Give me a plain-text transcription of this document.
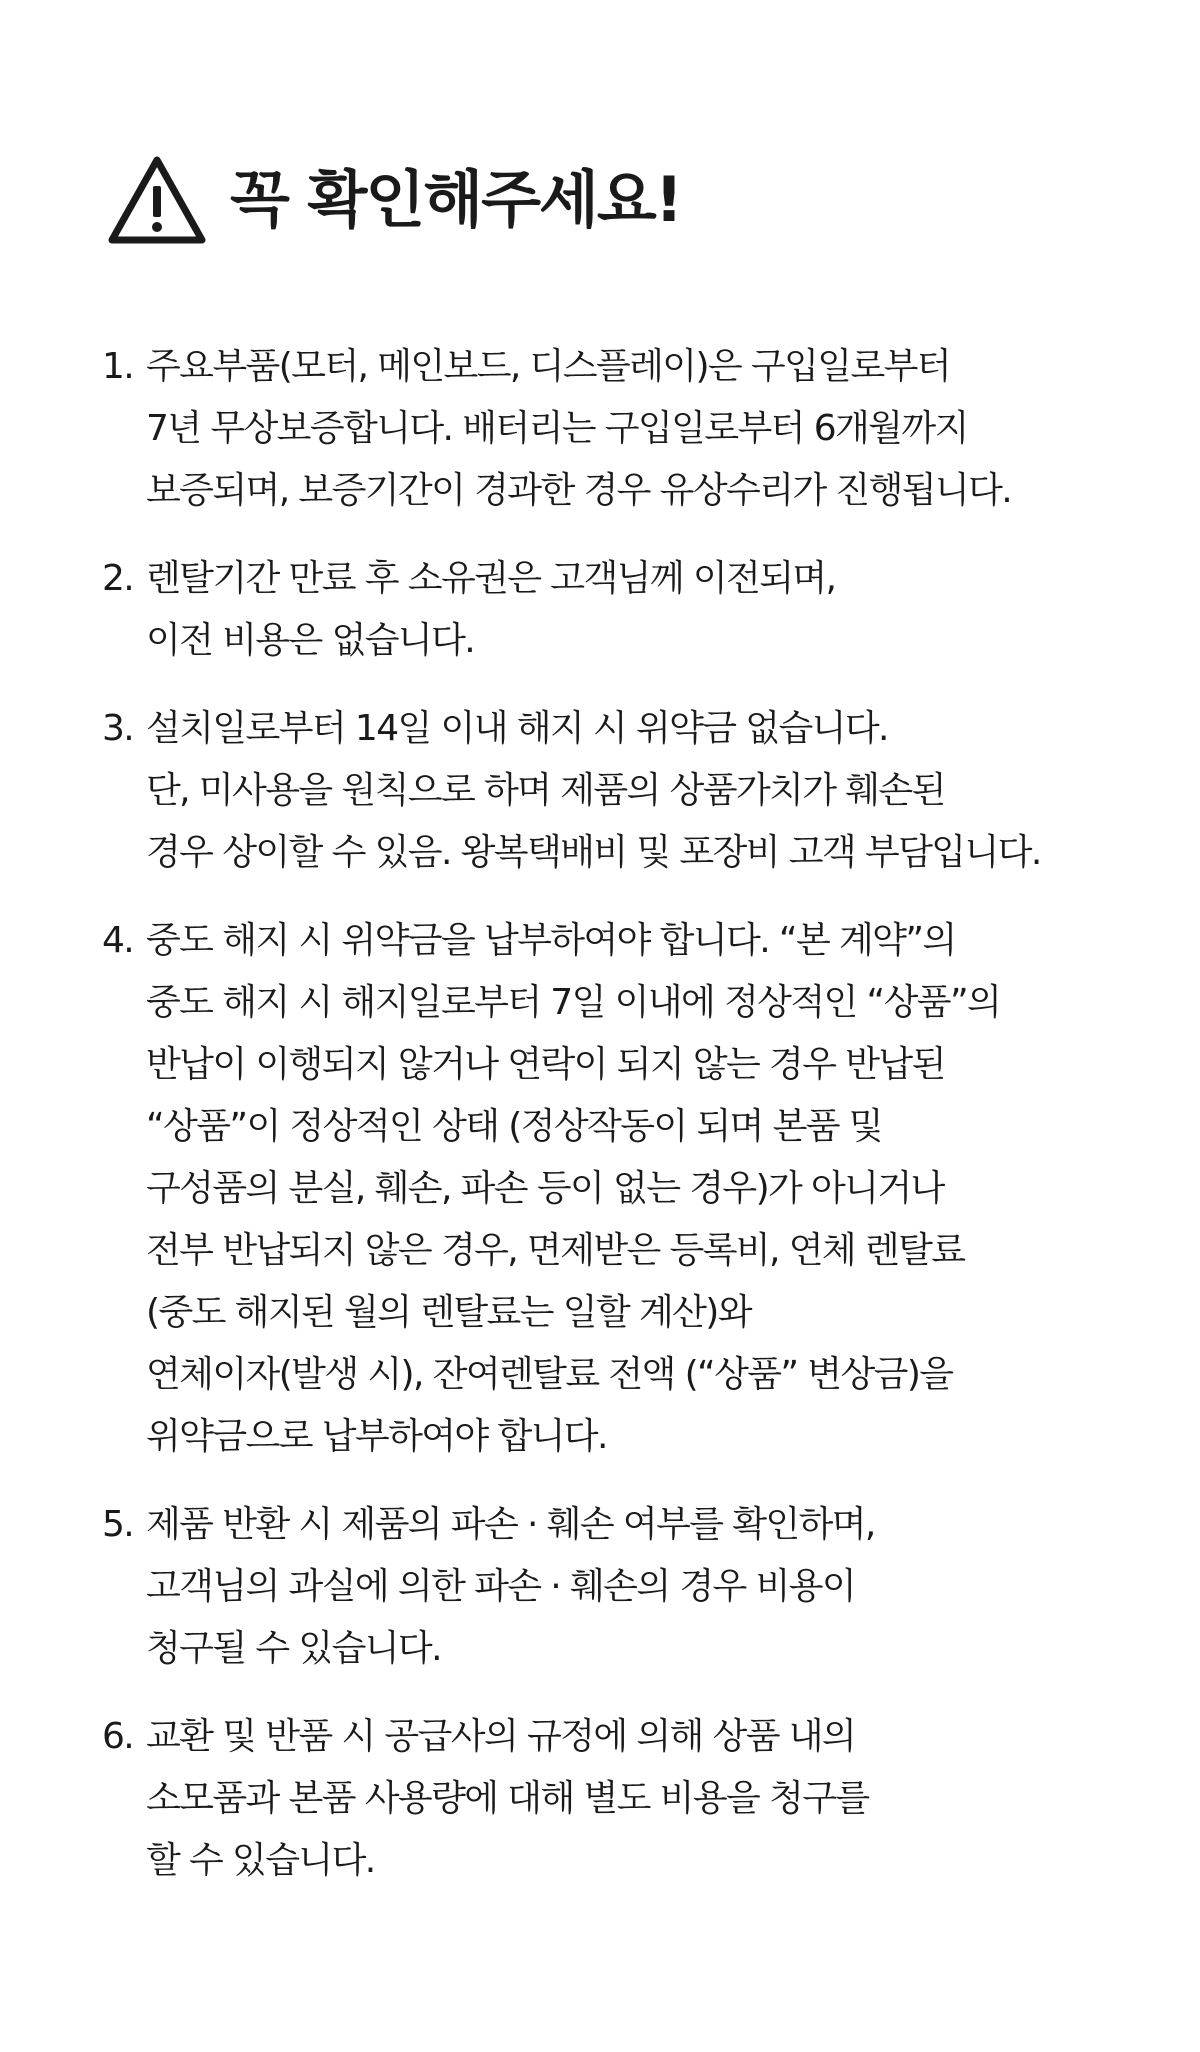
꼭 확인해주세요!
1. 주요부품(모터, 메인보드, 디스플레이)은 구입일로부터
7년 무상보증합니다. 배터리는 구입일로부터 6개월까지
보증되며, 보증기간이 경과한 경우 유상수리가 진행됩니다.
2. 렌탈기간 만료 후 소유권은 고객님께 이전되며,
이전 비용은 없습니다.
3. 설치일로부터 14일 이내 해지 시 위약금 없습니다.
단, 미사용을 원칙으로 하며 제품의 상품가치가 훼손된
경우 상이할 수 있음. 왕복택배비 및 포장비 고객 부담입니다.
4. 중도 해지 시 위약금을 납부하여야 합니다. “본 계약”의
중도 해지 시 해지일로부터 7일 이내에 정상적인 “상품”의
반납이 이행되지 않거나 연락이 되지 않는 경우 반납된
“상품”이 정상적인 상태 (정상작동이 되며 본품 및
구성품의 분실, 훼손, 파손 등이 없는 경우)가 아니거나
전부 반납되지 않은 경우, 면제받은 등록비, 연체 렌탈료
(중도 해지된 월의 렌탈료는 일할 계산)와
연체이자(발생 시), 잔여렌탈료 전액 (“상품” 변상금)을
위약금으로 납부하여야 합니다.
5. 제품 반환 시 제품의 파손 · 훼손 여부를 확인하며,
고객님의 과실에 의한 파손 · 훼손의 경우 비용이
청구될 수 있습니다.
6. 교환 및 반품 시 공급사의 규정에 의해 상품 내의
소모품과 본품 사용량에 대해 별도 비용을 청구를
할 수 있습니다.
